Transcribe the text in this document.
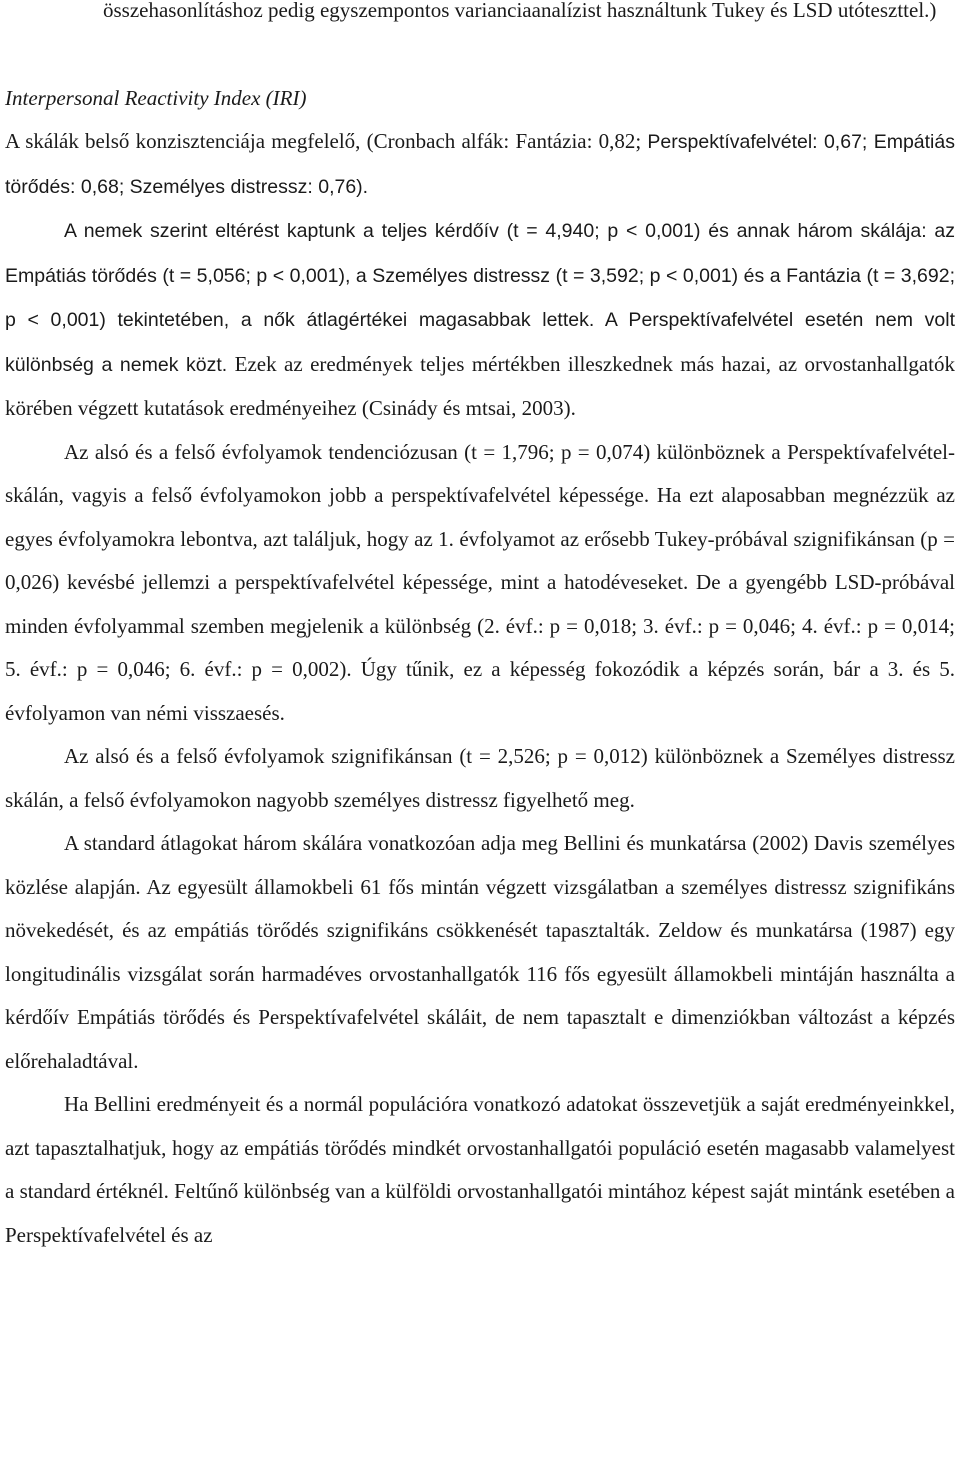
összehasonlításhoz pedig egyszempontos varianciaanalízist használtunk Tukey és LSD utóteszttel.)

Interpersonal Reactivity Index (IRI)

A skálák belső konzisztenciája megfelelő, (Cronbach alfák: Fantázia: 0,82; Perspektívafelvétel: 0,67; Empátiás törődés: 0,68; Személyes distressz: 0,76).

A nemek szerint eltérést kaptunk a teljes kérdőív (t = 4,940; p < 0,001) és annak három skálája: az Empátiás törődés (t = 5,056; p < 0,001), a Személyes distressz (t = 3,592; p < 0,001) és a Fantázia (t = 3,692; p < 0,001) tekintetében, a nők átlagértékei magasabbak lettek. A Perspektívafelvétel esetén nem volt különbség a nemek közt. Ezek az eredmények teljes mértékben illeszkednek más hazai, az orvostanhallgatók körében végzett kutatások eredményeihez (Csinády és mtsai, 2003).

Az alsó és a felső évfolyamok tendenciózusan (t = 1,796; p = 0,074) különböznek a Perspektívafelvétel-skálán, vagyis a felső évfolyamokon jobb a perspektívafelvétel képessége. Ha ezt alaposabban megnézzük az egyes évfolyamokra lebontva, azt találjuk, hogy az 1. évfolyamot az erősebb Tukey-próbával szignifikánsan (p = 0,026) kevésbé jellemzi a perspektívafelvétel képessége, mint a hatodéveseket. De a gyengébb LSD-próbával minden évfolyammal szemben megjelenik a különbség (2. évf.: p = 0,018; 3. évf.: p = 0,046; 4. évf.: p = 0,014; 5. évf.: p = 0,046; 6. évf.: p = 0,002). Úgy tűnik, ez a képesség fokozódik a képzés során, bár a 3. és 5. évfolyamon van némi visszaesés.

Az alsó és a felső évfolyamok szignifikánsan (t = 2,526; p = 0,012) különböznek a Személyes distressz skálán, a felső évfolyamokon nagyobb személyes distressz figyelhető meg.

A standard átlagokat három skálára vonatkozóan adja meg Bellini és munkatársa (2002) Davis személyes közlése alapján. Az egyesült államokbeli 61 fős mintán végzett vizsgálatban a személyes distressz szignifikáns növekedését, és az empátiás törődés szignifikáns csökkenését tapasztalták. Zeldow és munkatársa (1987) egy longitudinális vizsgálat során harmadéves orvostanhallgatók 116 fős egyesült államokbeli mintáján használta a kérdőív Empátiás törődés és Perspektívafelvétel skáláit, de nem tapasztalt e dimenziókban változást a képzés előrehaladtával.

Ha Bellini eredményeit és a normál populációra vonatkozó adatokat összevetjük a saját eredményeinkkel, azt tapasztalhatjuk, hogy az empátiás törődés mindkét orvostanhallgatói populáció esetén magasabb valamelyest a standard értéknél. Feltűnő különbség van a külföldi orvostanhallgatói mintához képest saját mintánk esetében a Perspektívafelvétel és az
